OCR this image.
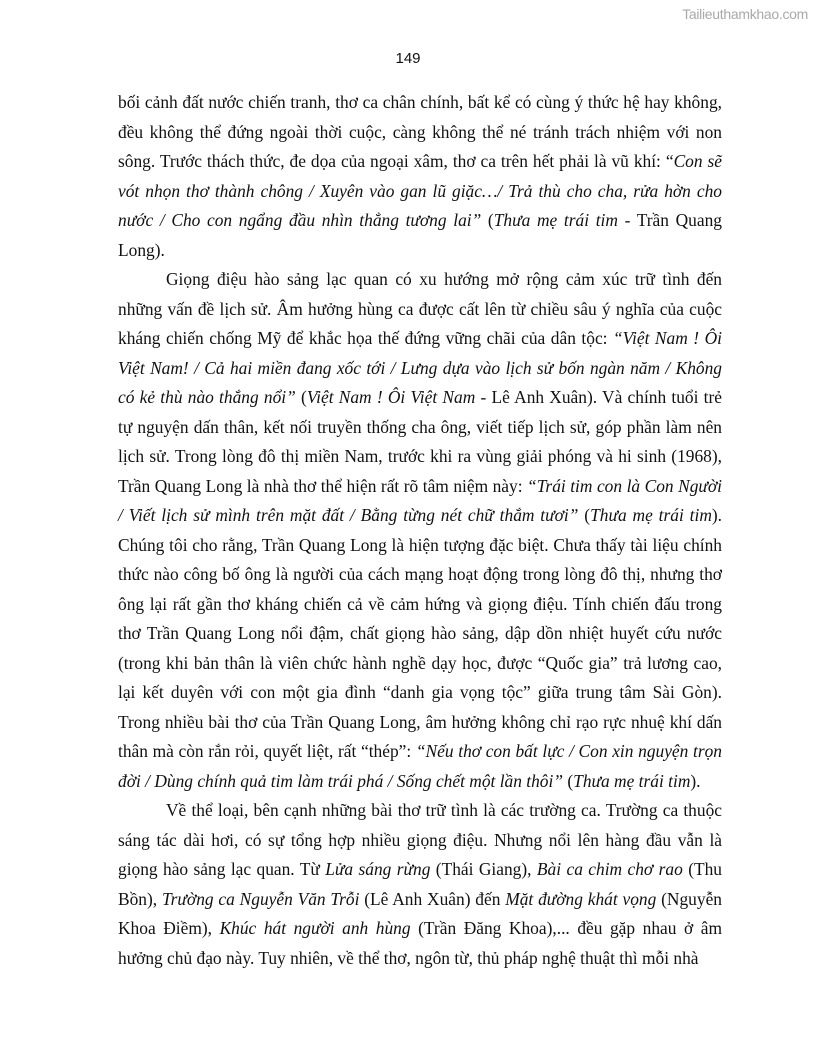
Tailieuthamkhao.com
149

bối cảnh đất nước chiến tranh, thơ ca chân chính, bất kể có cùng ý thức hệ hay không, đều không thể đứng ngoài thời cuộc, càng không thể né tránh trách nhiệm với non sông. Trước thách thức, đe dọa của ngoại xâm, thơ ca trên hết phải là vũ khí: “Con sẽ vót nhọn thơ thành chông / Xuyên vào gan lũ giặc…/ Trả thù cho cha, rửa hờn cho nước / Cho con ngẩng đầu nhìn thẳng tương lai” (Thưa mẹ trái tim - Trần Quang Long).

Giọng điệu hào sảng lạc quan có xu hướng mở rộng cảm xúc trữ tình đến những vấn đề lịch sử. Âm hưởng hùng ca được cất lên từ chiều sâu ý nghĩa của cuộc kháng chiến chống Mỹ để khắc họa thế đứng vững chãi của dân tộc: “Việt Nam ! Ôi Việt Nam! / Cả hai miền đang xốc tới / Lưng dựa vào lịch sử bốn ngàn năm / Không có kẻ thù nào thắng nổi” (Việt Nam ! Ôi Việt Nam - Lê Anh Xuân). Và chính tuổi trẻ tự nguyện dấn thân, kết nối truyền thống cha ông, viết tiếp lịch sử, góp phần làm nên lịch sử. Trong lòng đô thị miền Nam, trước khi ra vùng giải phóng và hi sinh (1968), Trần Quang Long là nhà thơ thể hiện rất rõ tâm niệm này: “Trái tim con là Con Người / Viết lịch sử mình trên mặt đất / Bằng từng nét chữ thắm tươi” (Thưa mẹ trái tim). Chúng tôi cho rằng, Trần Quang Long là hiện tượng đặc biệt. Chưa thấy tài liệu chính thức nào công bố ông là người của cách mạng hoạt động trong lòng đô thị, nhưng thơ ông lại rất gần thơ kháng chiến cả về cảm hứng và giọng điệu. Tính chiến đấu trong thơ Trần Quang Long nổi đậm, chất giọng hào sảng, dập dồn nhiệt huyết cứu nước (trong khi bản thân là viên chức hành nghề dạy học, được “Quốc gia” trả lương cao, lại kết duyên với con một gia đình “danh gia vọng tộc” giữa trung tâm Sài Gòn). Trong nhiều bài thơ của Trần Quang Long, âm hưởng không chỉ rạo rực nhuệ khí dấn thân mà còn rắn rỏi, quyết liệt, rất “thép”: “Nếu thơ con bất lực / Con xin nguyện trọn đời / Dùng chính quả tim làm trái phá / Sống chết một lần thôi” (Thưa mẹ trái tim).

Về thể loại, bên cạnh những bài thơ trữ tình là các trường ca. Trường ca thuộc sáng tác dài hơi, có sự tổng hợp nhiều giọng điệu. Nhưng nổi lên hàng đầu vẫn là giọng hào sảng lạc quan. Từ Lửa sáng rừng (Thái Giang), Bài ca chim chơ rao (Thu Bồn), Trường ca Nguyễn Văn Trỗi (Lê Anh Xuân) đến Mặt đường khát vọng (Nguyễn Khoa Điềm), Khúc hát người anh hùng (Trần Đăng Khoa),... đều gặp nhau ở âm hưởng chủ đạo này. Tuy nhiên, về thể thơ, ngôn từ, thủ pháp nghệ thuật thì mỗi nhà
